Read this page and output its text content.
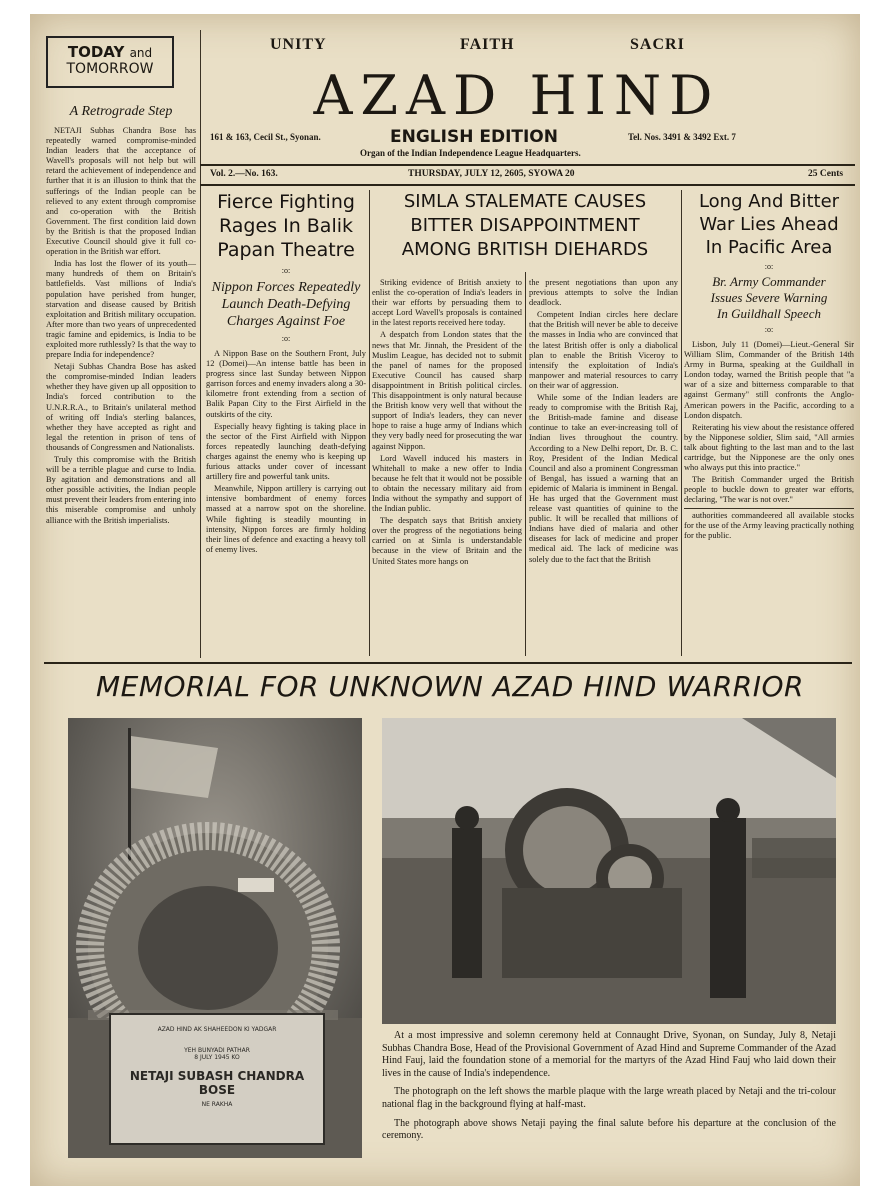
TODAY and
TOMORROW
A Retrograde Step

NETAJI Subhas Chandra Bose has repeatedly warned compromise-minded Indian leaders that the acceptance of Wavell's proposals will not help but will retard the achievement of independence and further that it is an illusion to think that the sufferings of the Indian people can be relieved to any extent through compromise and co-operation with the British Government. The first condition laid down by the British is that the proposed Indian Executive Council should give it full co-operation in the British war effort.

India has lost the flower of its youth—many hundreds of them on Britain's battlefields. Vast millions of India's population have perished from hunger, starvation and disease caused by British exploitation and British military occupation. After more than two years of unprecedented tragic famine and epidemics, is India to be exploited more ruthlessly? Is that the way to prepare India for independence?

Netaji Subhas Chandra Bose has asked the compromise-minded Indian leaders whether they have given up all opposition to India's forced contribution to the U.N.R.R.A., to Britain's unilateral method of writing off India's sterling balances, whether they have accepted as right and legal the retention in prison of tens of thousands of Congressmen and Nationalists.

Truly this compromise with the British will be a terrible plague and curse to India. By agitation and demonstrations and all other possible activities, the Indian people must prevent their leaders from entering into this miserable compromise and unholy alliance with the British imperialists.

UNITY	FAITH	SACRI
AZAD HIND
161 & 163, Cecil St., Syonan.	ENGLISH EDITION	Tel. Nos. 3491 & 3492 Ext. 7
Organ of the Indian Independence League Headquarters.
Vol. 2.—No. 163.	THURSDAY, JULY 12, 2605, SYOWA 20	25 Cents
Fierce Fighting
Rages In Balik
Papan Theatre
:o:
Nippon Forces Repeatedly
Launch Death-Defying
Charges Against Foe
:o:

A Nippon Base on the Southern Front, July 12 (Domei)—An intense battle has been in progress since last Sunday between Nippon garrison forces and enemy invaders along a 30-kilometre front extending from a section of Balik Papan City to the First Airfield in the outskirts of the city.

Especially heavy fighting is taking place in the sector of the First Airfield with Nippon forces repeatedly launching death-defying charges against the enemy who is keeping up furious attacks under cover of incessant artillery fire and powerful tank units.

Meanwhile, Nippon artillery is carrying out intensive bombardment of enemy forces massed at a narrow spot on the shoreline. While fighting is steadily mounting in intensity, Nippon forces are firmly holding their lines of defence and exacting a heavy toll of enemy lives.

SIMLA STALEMATE CAUSES
BITTER DISAPPOINTMENT
AMONG BRITISH DIEHARDS

Striking evidence of British anxiety to enlist the co-operation of India's leaders in their war efforts by persuading them to accept Lord Wavell's proposals is contained in the latest reports received here today.

A despatch from London states that the news that Mr. Jinnah, the President of the Muslim League, has decided not to submit the panel of names for the proposed Executive Council has caused sharp disappointment in British political circles. This disappointment is only natural because the British know very well that without the support of India's leaders, they can never hope to raise a huge army of Indians which they very badly need for prosecuting the war against Nippon.

Lord Wavell induced his masters in Whitehall to make a new offer to India because he felt that it would not be possible to obtain the necessary military aid from India without the sympathy and support of the Indian public.

The despatch says that British anxiety over the progress of the negotiations being carried on at Simla is understandable because in the view of Britain and the United States more hangs on

the present negotiations than upon any previous attempts to solve the Indian deadlock.

Competent Indian circles here declare that the British will never be able to deceive the masses in India who are convinced that the latest British offer is only a diabolical plan to enable the British Viceroy to intensify the exploitation of India's manpower and material resources to carry on their war of aggression.

While some of the Indian leaders are ready to compromise with the British Raj, the British-made famine and disease continue to take an ever-increasing toll of Indian lives throughout the country. According to a New Delhi report, Dr. B. C. Roy, President of the Indian Medical Council and also a prominent Congressman of Bengal, has issued a warning that an epidemic of Malaria is imminent in Bengal. He has urged that the Government must release vast quantities of quinine to the public. It will be recalled that millions of Indians have died of malaria and other diseases for lack of medicine and proper medical aid. The lack of medicine was solely due to the fact that the British

Long And Bitter
War Lies Ahead
In Pacific Area
:o:
Br. Army Commander
Issues Severe Warning
In Guildhall Speech
:o:

Lisbon, July 11 (Domei)—Lieut.-General Sir William Slim, Commander of the British 14th Army in Burma, speaking at the Guildhall in London today, warned the British people that "a war of a size and bitterness comparable to that against Germany" still confronts the Anglo-American powers in the Pacific, according to a London dispatch.

Reiterating his view about the resistance offered by the Nipponese soldier, Slim said, "All armies talk about fighting to the last man and to the last cartridge, but the Nipponese are the only ones who always put this into practice."

The British Commander urged the British people to buckle down to greater war efforts, declaring, "The war is not over."

authorities commandeered all available stocks for the use of the Army leaving practically nothing for the public.

MEMORIAL FOR UNKNOWN AZAD HIND WARRIOR
AZAD HIND AK SHAHEEDON KI YADGAR
YEH BUNYADI PATHAR
8 JULY 1945 KO
NETAJI SUBASH CHANDRA BOSE
NE RAKHA

At a most impressive and solemn ceremony held at Connaught Drive, Syonan, on Sunday, July 8, Netaji Subhas Chandra Bose, Head of the Provisional Government of Azad Hind and Supreme Commander of the Azad Hind Fauj, laid the foundation stone of a memorial for the martyrs of the Azad Hind Fauj who laid down their lives in the cause of India's independence.

The photograph on the left shows the marble plaque with the large wreath placed by Netaji and the tri-colour national flag in the background flying at half-mast.

The photograph above shows Netaji paying the final salute before his departure at the conclusion of the ceremony.
